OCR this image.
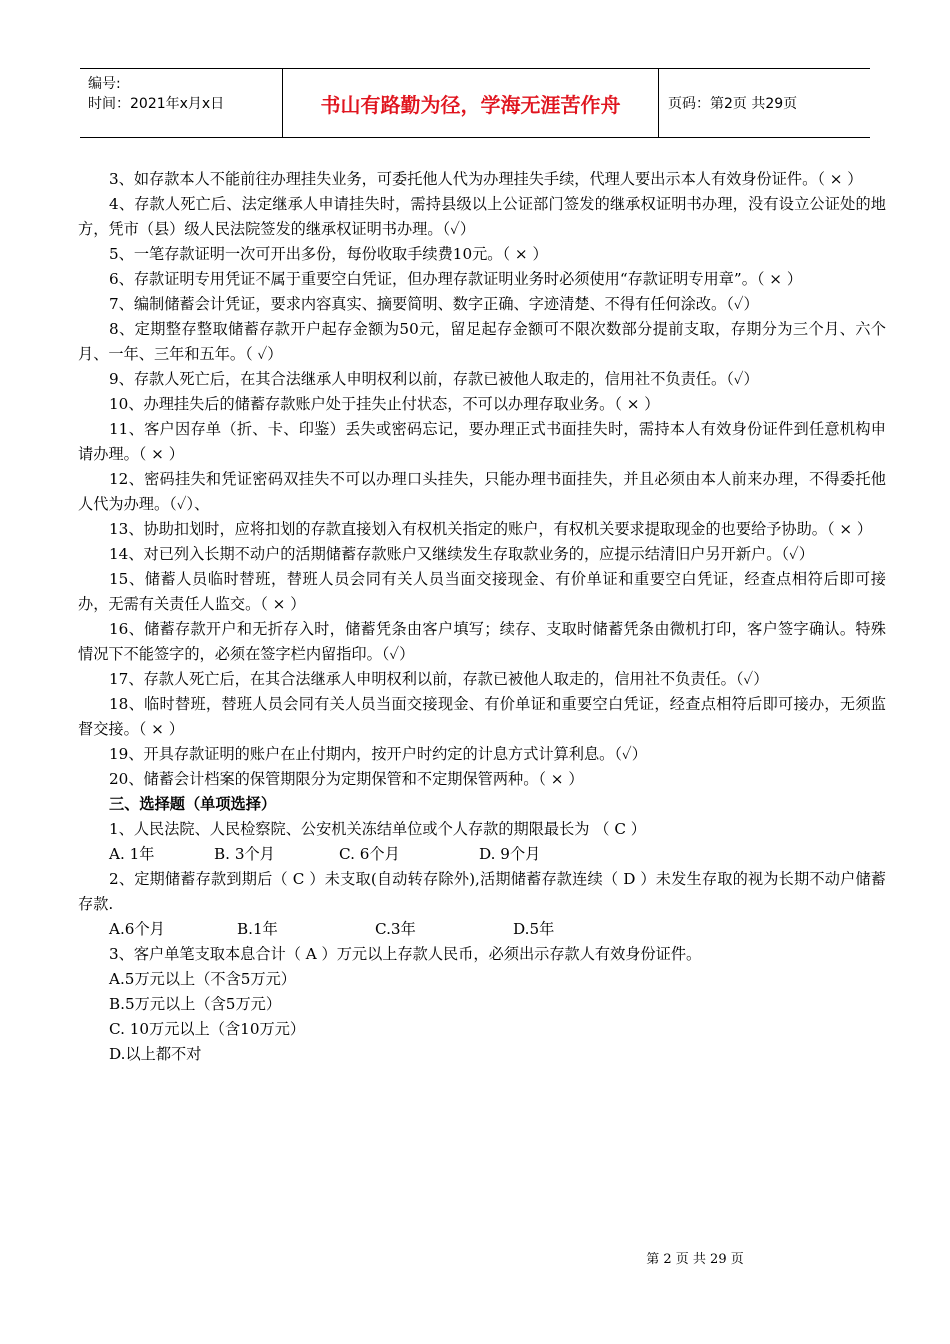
编号:
时间：2021年x月x日	书山有路勤为径，学海无涯苦作舟	页码：第2页 共29页

3、如存款本人不能前往办理挂失业务，可委托他人代为办理挂失手续，代理人要出示本人有效身份证件。（ × ）

4、存款人死亡后、法定继承人申请挂失时，需持县级以上公证部门签发的继承权证明书办理，没有设立公证处的地方，凭市（县）级人民法院签发的继承权证明书办理。（✓）

5、一笔存款证明一次可开出多份，每份收取手续费10元。（ × ）

6、存款证明专用凭证不属于重要空白凭证，但办理存款证明业务时必须使用“存款证明专用章”。（ × ）

7、编制储蓄会计凭证，要求内容真实、摘要简明、数字正确、字迹清楚、不得有任何涂改。（✓）

8、定期整存整取储蓄存款开户起存金额为50元，留足起存金额可不限次数部分提前支取，存期分为三个月、六个月、一年、三年和五年。（ ✓）

9、存款人死亡后，在其合法继承人申明权利以前，存款已被他人取走的，信用社不负责任。（✓）

10、办理挂失后的储蓄存款账户处于挂失止付状态，不可以办理存取业务。（ × ）

11、客户因存单（折、卡、印鉴）丢失或密码忘记，要办理正式书面挂失时，需持本人有效身份证件到任意机构申请办理。（ × ）

12、密码挂失和凭证密码双挂失不可以办理口头挂失，只能办理书面挂失，并且必须由本人前来办理，不得委托他人代为办理。（✓）、

13、协助扣划时，应将扣划的存款直接划入有权机关指定的账户，有权机关要求提取现金的也要给予协助。（ × ）

14、对已列入长期不动户的活期储蓄存款账户又继续发生存取款业务的，应提示结清旧户另开新户。（✓）

15、储蓄人员临时替班，替班人员会同有关人员当面交接现金、有价单证和重要空白凭证，经查点相符后即可接办，无需有关责任人监交。（ × ）

16、储蓄存款开户和无折存入时，储蓄凭条由客户填写；续存、支取时储蓄凭条由微机打印，客户签字确认。特殊情况下不能签字的，必须在签字栏内留指印。（✓）

17、存款人死亡后，在其合法继承人申明权利以前，存款已被他人取走的，信用社不负责任。（✓）

18、临时替班，替班人员会同有关人员当面交接现金、有价单证和重要空白凭证，经查点相符后即可接办，无须监督交接。（ × ）

19、开具存款证明的账户在止付期内，按开户时约定的计息方式计算利息。（✓）

20、储蓄会计档案的保管期限分为定期保管和不定期保管两种。（ × ）

三、选择题（单项选择）

1、人民法院、人民检察院、公安机关冻结单位或个人存款的期限最长为 （ C ）

A. 1年	B. 3个月	C. 6个月	D. 9个月

2、定期储蓄存款到期后（ C ）未支取(自动转存除外),活期储蓄存款连续（ D ）未发生存取的视为长期不动户储蓄存款.

A.6个月	B.1年	C.3年	D.5年

3、客户单笔支取本息合计（ A ）万元以上存款人民币，必须出示存款人有效身份证件。

A.5万元以上（不含5万元）

B.5万元以上（含5万元）

C. 10万元以上（含10万元）

D.以上都不对

第 2 页 共 29 页
